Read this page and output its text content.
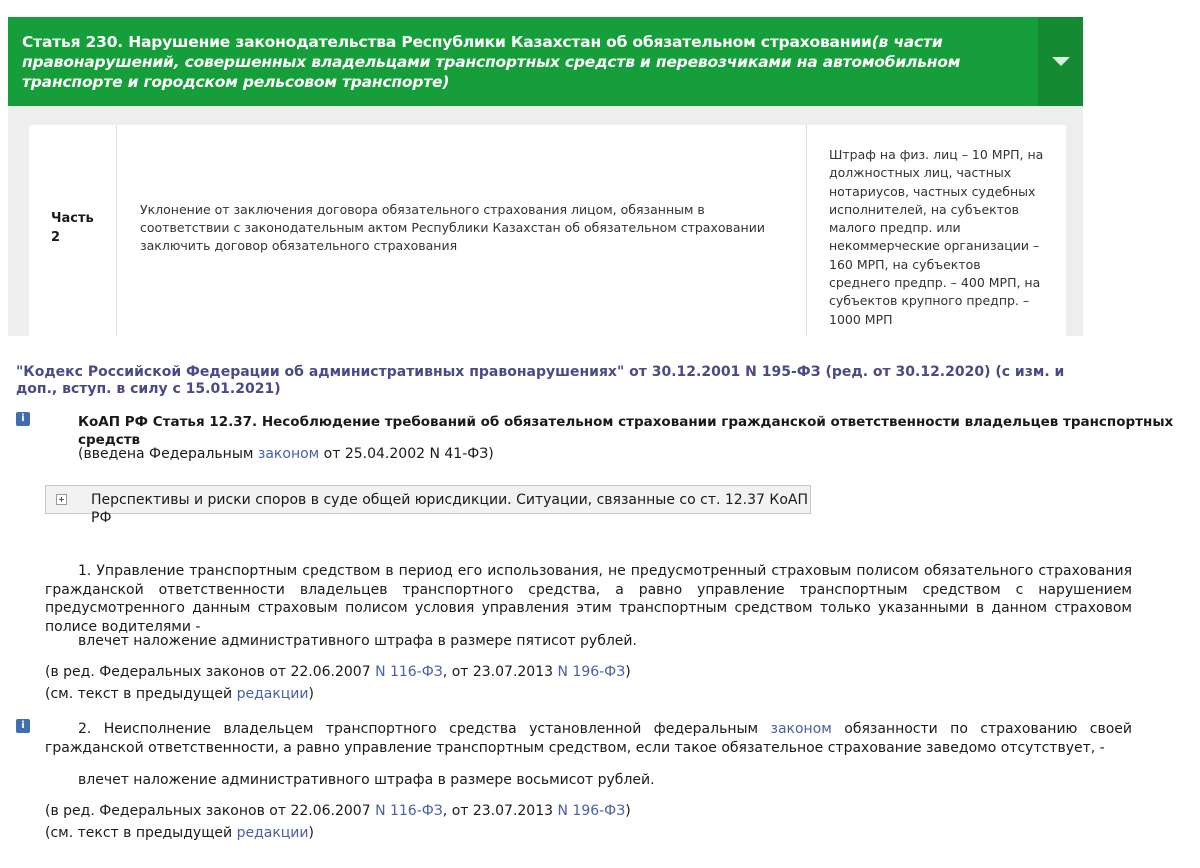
Статья 230. Нарушение законодательства Республики Казахстан об обязательном страховании(в части правонарушений, совершенных владельцами транспортных средств и перевозчиками на автомобильном транспорте и городском рельсовом транспорте)
Часть 2
Уклонение от заключения договора обязательного страхования лицом, обязанным в соответствии с законодательным актом Республики Казахстан об обязательном страховании заключить договор обязательного страхования
Штраф на физ. лиц – 10 МРП, на должностных лиц, частных нотариусов, частных судебных исполнителей, на субъектов малого предпр. или некоммерческие организации – 160 МРП, на субъектов среднего предпр. – 400 МРП, на субъектов крупного предпр. – 1000 МРП
"Кодекс Российской Федерации об административных правонарушениях" от 30.12.2001 N 195-ФЗ (ред. от 30.12.2020) (с изм. и доп., вступ. в силу с 15.01.2021)
i	КоАП РФ Статья 12.37. Несоблюдение требований об обязательном страховании гражданской ответственности владельцев транспортных средств
(введена Федеральным законом от 25.04.2002 N 41-ФЗ)
Перспективы и риски споров в суде общей юрисдикции. Ситуации, связанные со ст. 12.37 КоАП РФ
1. Управление транспортным средством в период его использования, не предусмотренный страховым полисом обязательного страхования гражданской ответственности владельцев транспортного средства, а равно управление транспортным средством с нарушением предусмотренного данным страховым полисом условия управления этим транспортным средством только указанными в данном страховом полисе водителями -
влечет наложение административного штрафа в размере пятисот рублей.
(в ред. Федеральных законов от 22.06.2007 N 116-ФЗ, от 23.07.2013 N 196-ФЗ)
(см. текст в предыдущей редакции)
i	2. Неисполнение владельцем транспортного средства установленной федеральным законом обязанности по страхованию своей гражданской ответственности, а равно управление транспортным средством, если такое обязательное страхование заведомо отсутствует, -
влечет наложение административного штрафа в размере восьмисот рублей.
(в ред. Федеральных законов от 22.06.2007 N 116-ФЗ, от 23.07.2013 N 196-ФЗ)
(см. текст в предыдущей редакции)
